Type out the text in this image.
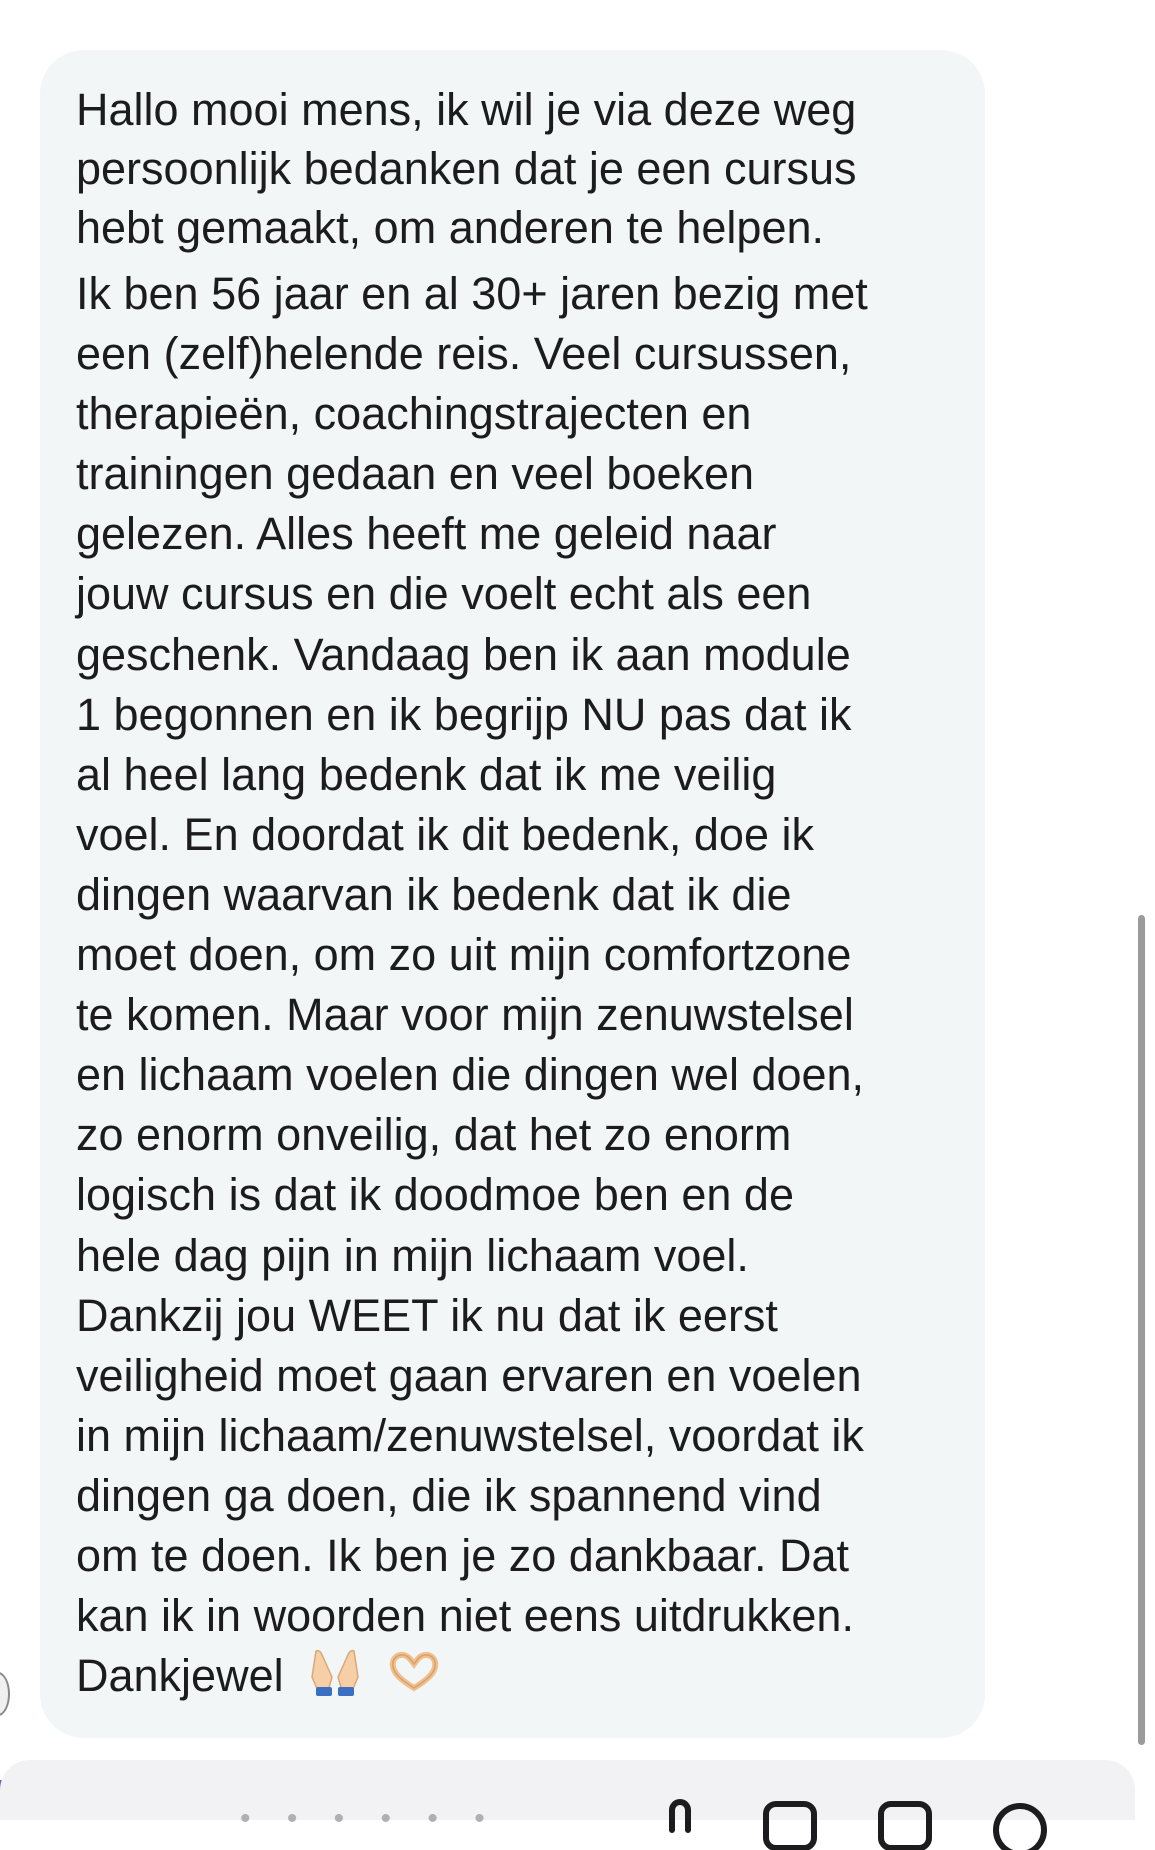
Hallo mooi mens, ik wil je via deze weg
persoonlijk bedanken dat je een cursus
hebt gemaakt, om anderen te helpen.

Ik ben 56 jaar en al 30+ jaren bezig met
een (zelf)helende reis. Veel cursussen,
therapieën, coachingstrajecten en
trainingen gedaan en veel boeken
gelezen. Alles heeft me geleid naar
jouw cursus en die voelt echt als een
geschenk. Vandaag ben ik aan module
1 begonnen en ik begrijp NU pas dat ik
al heel lang bedenk dat ik me veilig
voel. En doordat ik dit bedenk, doe ik
dingen waarvan ik bedenk dat ik die
moet doen, om zo uit mijn comfortzone
te komen. Maar voor mijn zenuwstelsel
en lichaam voelen die dingen wel doen,
zo enorm onveilig, dat het zo enorm
logisch is dat ik doodmoe ben en de
hele dag pijn in mijn lichaam voel.
Dankzij jou WEET ik nu dat ik eerst
veiligheid moet gaan ervaren en voelen
in mijn lichaam/zenuwstelsel, voordat ik
dingen ga doen, die ik spannend vind
om te doen. Ik ben je zo dankbaar. Dat
kan ik in woorden niet eens uitdrukken.
Dankjewel

• • • • • •
